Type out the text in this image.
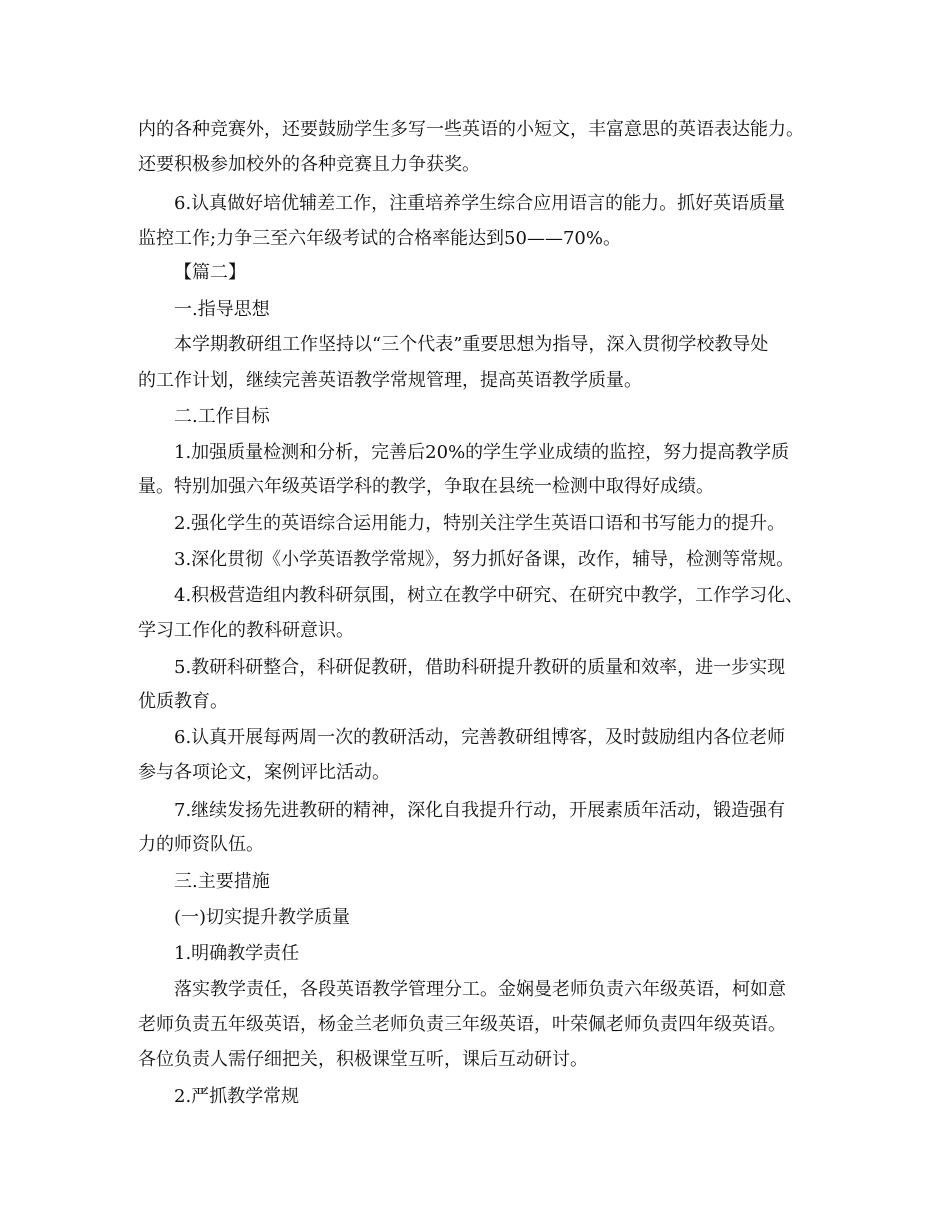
内的各种竞赛外，还要鼓励学生多写一些英语的小短文，丰富意思的英语表达能力。
还要积极参加校外的各种竞赛且力争获奖。
6.认真做好培优辅差工作，注重培养学生综合应用语言的能力。抓好英语质量
监控工作;力争三至六年级考试的合格率能达到50——70%。
【篇二】
一.指导思想
本学期教研组工作坚持以“三个代表”重要思想为指导，深入贯彻学校教导处
的工作计划，继续完善英语教学常规管理，提高英语教学质量。
二.工作目标
1.加强质量检测和分析，完善后20%的学生学业成绩的监控，努力提高教学质
量。特别加强六年级英语学科的教学，争取在县统一检测中取得好成绩。
2.强化学生的英语综合运用能力，特别关注学生英语口语和书写能力的提升。
3.深化贯彻《小学英语教学常规》，努力抓好备课，改作，辅导，检测等常规。
4.积极营造组内教科研氛围，树立在教学中研究、在研究中教学，工作学习化、
学习工作化的教科研意识。
5.教研科研整合，科研促教研，借助科研提升教研的质量和效率，进一步实现
优质教育。
6.认真开展每两周一次的教研活动，完善教研组博客，及时鼓励组内各位老师
参与各项论文，案例评比活动。
7.继续发扬先进教研的精神，深化自我提升行动，开展素质年活动，锻造强有
力的师资队伍。
三.主要措施
(一)切实提升教学质量
1.明确教学责任
落实教学责任，各段英语教学管理分工。金娴曼老师负责六年级英语，柯如意
老师负责五年级英语，杨金兰老师负责三年级英语，叶荣佩老师负责四年级英语。
各位负责人需仔细把关，积极课堂互听，课后互动研讨。
2.严抓教学常规
